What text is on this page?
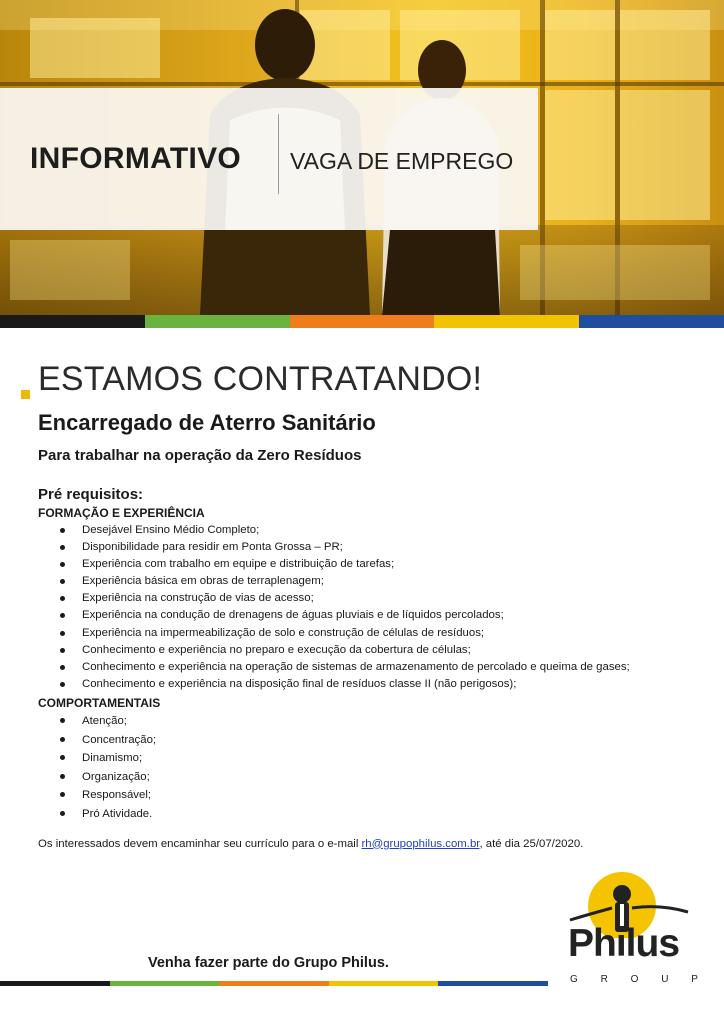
INFORMATIVO VAGA DE EMPREGO
ESTAMOS CONTRATANDO!
Encarregado de Aterro Sanitário
Para trabalhar na operação da Zero Resíduos
Pré requisitos:
FORMAÇÃO E EXPERIÊNCIA
Desejável Ensino Médio Completo;
Disponibilidade para residir em Ponta Grossa – PR;
Experiência com trabalho em equipe e distribuição de tarefas;
Experiência básica em obras de terraplenagem;
Experiência na construção de vias de acesso;
Experiência na condução de drenagens de águas pluviais e de líquidos percolados;
Experiência na impermeabilização de solo e construção de células de resíduos;
Conhecimento e experiência no preparo e execução da cobertura de células;
Conhecimento e experiência na operação de sistemas de armazenamento de percolado e queima de gases;
Conhecimento e experiência na disposição final de resíduos classe II (não perigosos);
COMPORTAMENTAIS
Atenção;
Concentração;
Dinamismo;
Organização;
Responsável;
Pró Atividade.
Os interessados devem encaminhar seu currículo para o e-mail rh@grupophilus.com.br, até dia 25/07/2020.
Venha fazer parte do Grupo Philus.	Philus
G R O U P
